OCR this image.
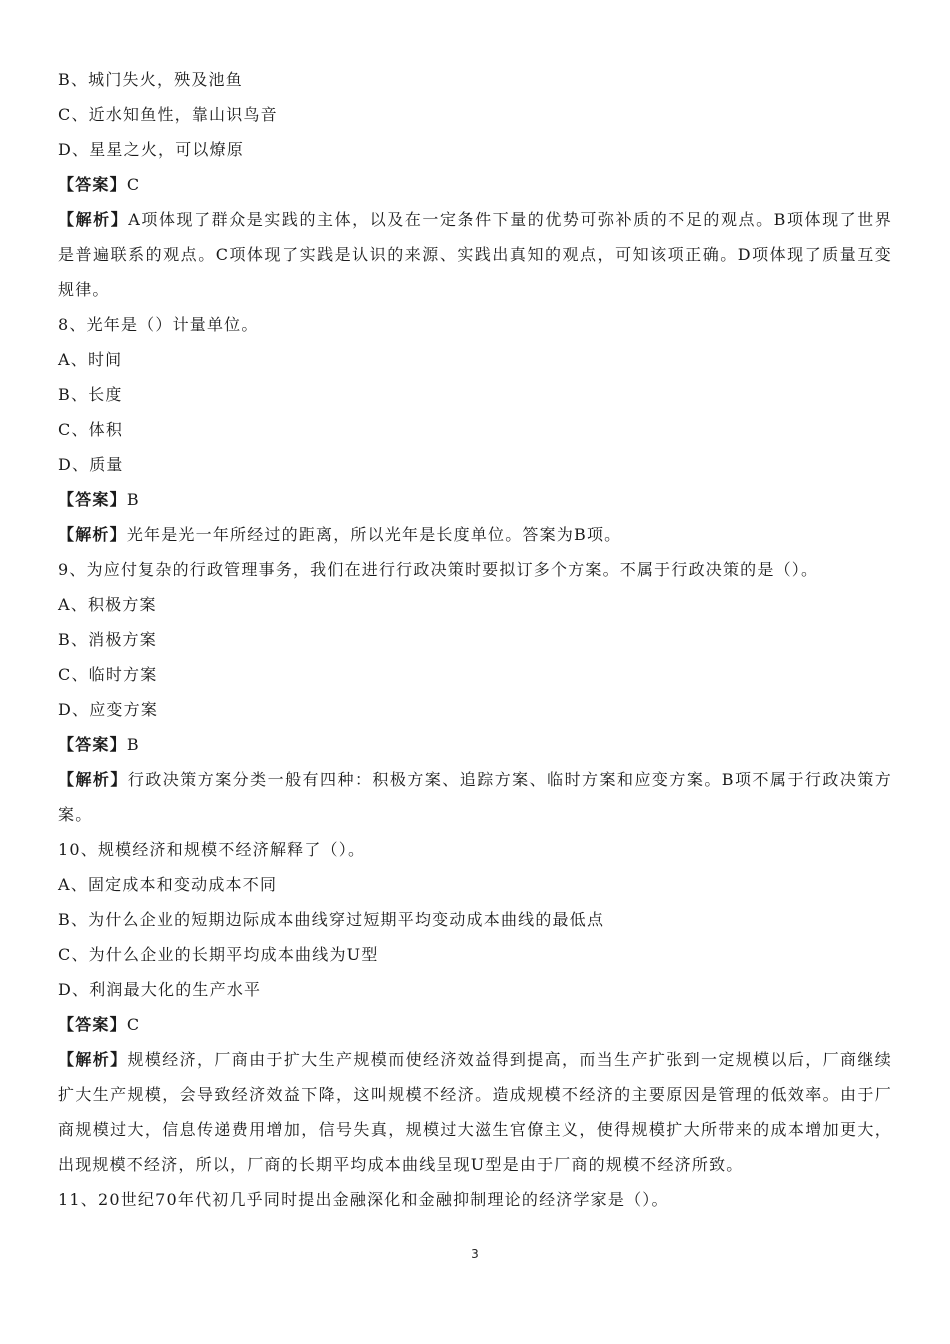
B、城门失火，殃及池鱼

C、近水知鱼性，靠山识鸟音

D、星星之火，可以燎原

【答案】C

【解析】A项体现了群众是实践的主体，以及在一定条件下量的优势可弥补质的不足的观点。B项体现了世界是普遍联系的观点。C项体现了实践是认识的来源、实践出真知的观点，可知该项正确。D项体现了质量互变规律。

8、光年是（）计量单位。

A、时间

B、长度

C、体积

D、质量

【答案】B

【解析】光年是光一年所经过的距离，所以光年是长度单位。答案为B项。

9、为应付复杂的行政管理事务，我们在进行行政决策时要拟订多个方案。不属于行政决策的是（）。

A、积极方案

B、消极方案

C、临时方案

D、应变方案

【答案】B

【解析】行政决策方案分类一般有四种：积极方案、追踪方案、临时方案和应变方案。B项不属于行政决策方案。

10、规模经济和规模不经济解释了（）。

A、固定成本和变动成本不同

B、为什么企业的短期边际成本曲线穿过短期平均变动成本曲线的最低点

C、为什么企业的长期平均成本曲线为U型

D、利润最大化的生产水平

【答案】C

【解析】规模经济，厂商由于扩大生产规模而使经济效益得到提高，而当生产扩张到一定规模以后，厂商继续扩大生产规模，会导致经济效益下降，这叫规模不经济。造成规模不经济的主要原因是管理的低效率。由于厂商规模过大，信息传递费用增加，信号失真，规模过大滋生官僚主义，使得规模扩大所带来的成本增加更大，出现规模不经济，所以，厂商的长期平均成本曲线呈现U型是由于厂商的规模不经济所致。

11、20世纪70年代初几乎同时提出金融深化和金融抑制理论的经济学家是（）。

3
